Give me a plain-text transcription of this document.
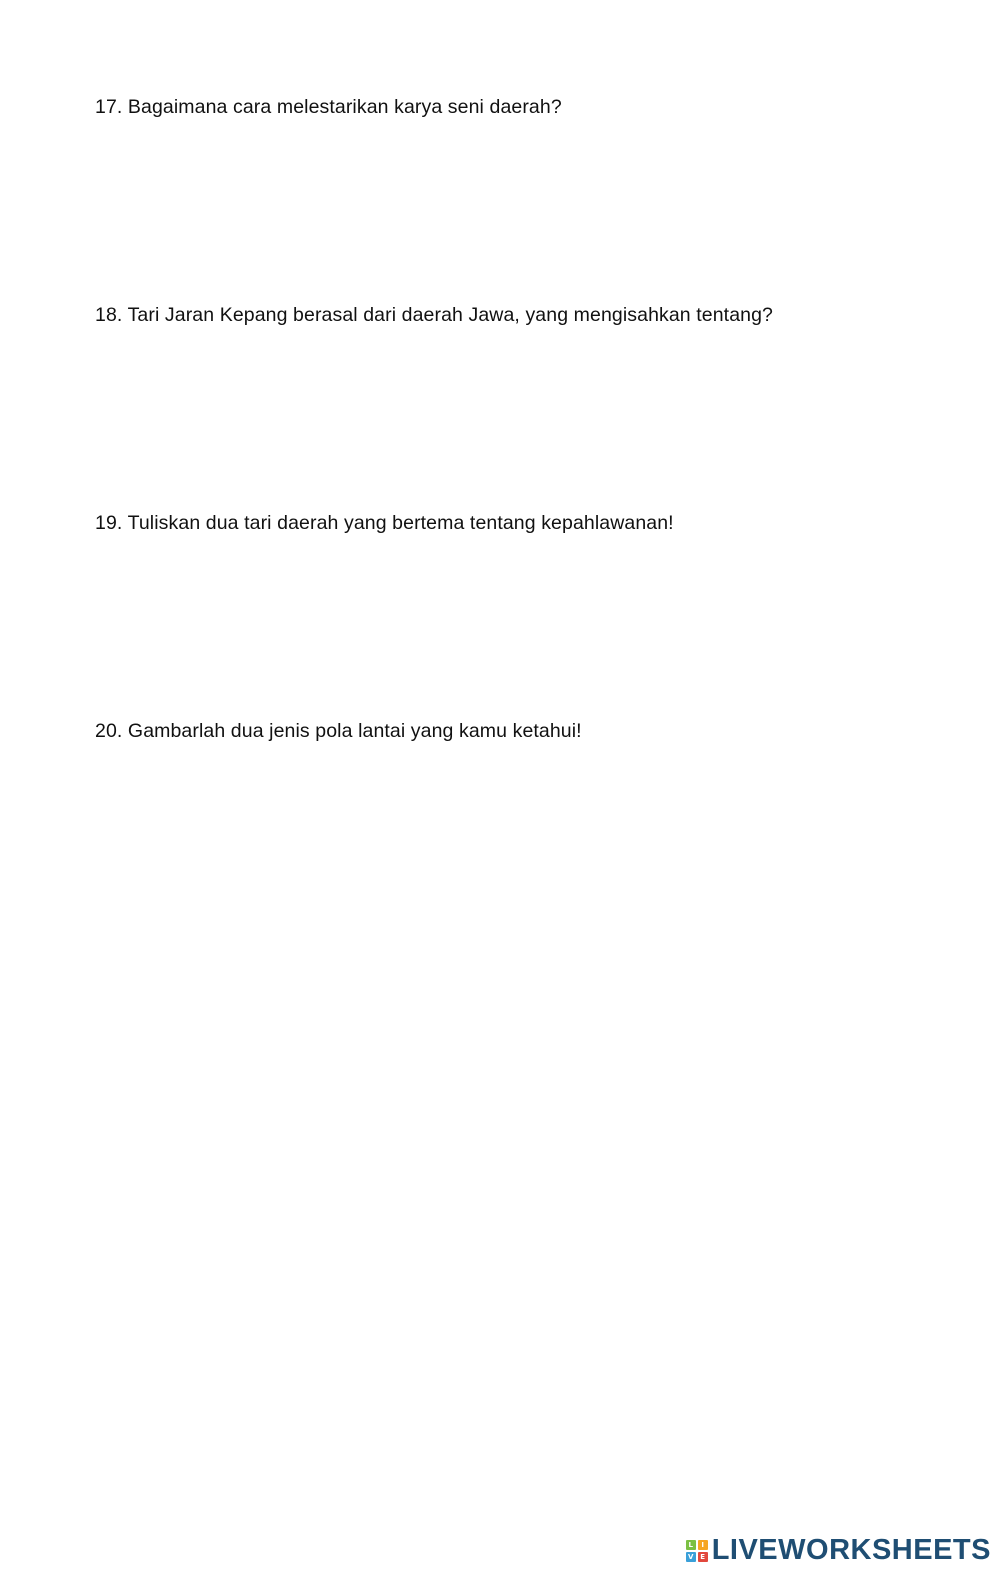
17. Bagaimana cara melestarikan karya seni daerah?
18. Tari Jaran Kepang berasal dari daerah Jawa, yang mengisahkan tentang?
19. Tuliskan dua tari daerah yang bertema tentang kepahlawanan!
20. Gambarlah dua jenis pola lantai yang kamu ketahui!
L	I
V E LIVEWORKSHEETS
